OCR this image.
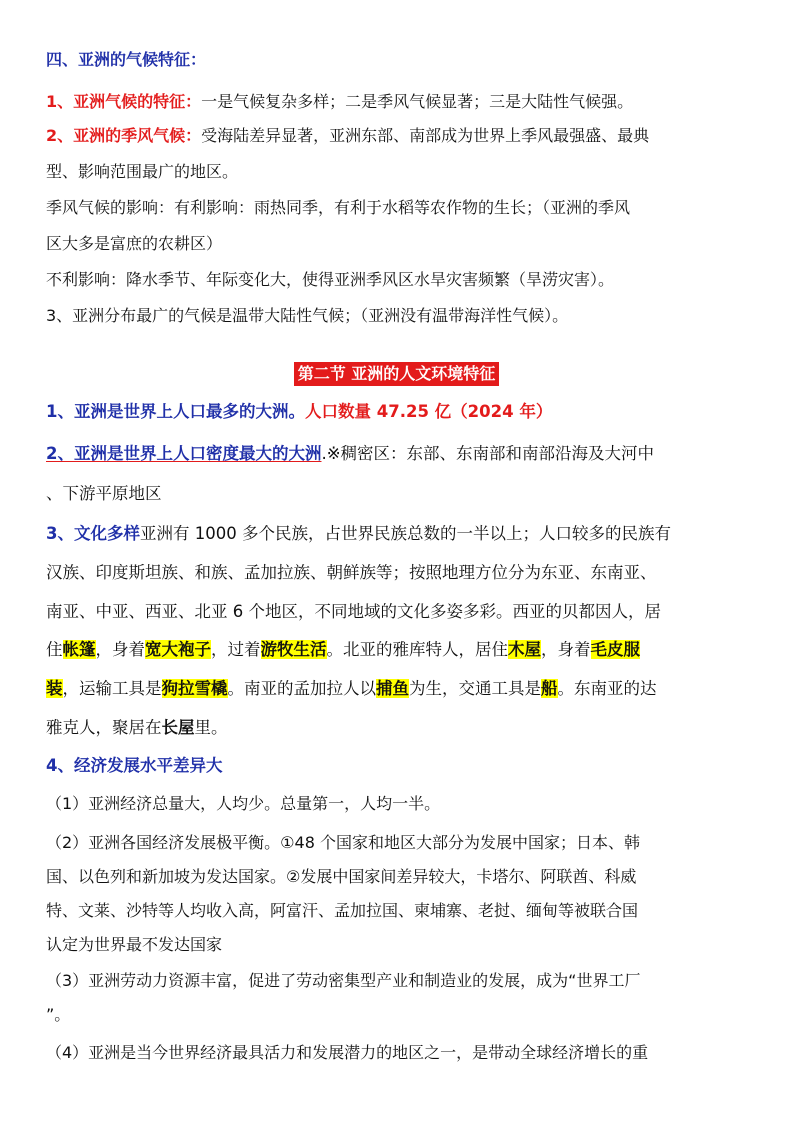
四、亚洲的气候特征：
1、亚洲气候的特征：一是气候复杂多样；二是季风气候显著；三是大陆性气候强。
2、亚洲的季风气候：受海陆差异显著，亚洲东部、南部成为世界上季风最强盛、最典
型、影响范围最广的地区。
季风气候的影响：有利影响：雨热同季，有利于水稻等农作物的生长；（亚洲的季风
区大多是富庶的农耕区）
不利影响：降水季节、年际变化大，使得亚洲季风区水旱灾害频繁（旱涝灾害）。
3、亚洲分布最广的气候是温带大陆性气候；（亚洲没有温带海洋性气候）。
第二节 亚洲的人文环境特征
1、亚洲是世界上人口最多的大洲。人口数量 47.25 亿（2024 年）
2、亚洲是世界上人口密度最大的大洲.※稠密区：东部、东南部和南部沿海及大河中
、下游平原地区
3、文化多样亚洲有 1000 多个民族，占世界民族总数的一半以上；人口较多的民族有
汉族、印度斯坦族、和族、孟加拉族、朝鲜族等；按照地理方位分为东亚、东南亚、
南亚、中亚、西亚、北亚 6 个地区，不同地域的文化多姿多彩。西亚的贝都因人，居
住帐篷，身着宽大袍子，过着游牧生活。北亚的雅库特人，居住木屋，身着毛皮服
装，运输工具是狗拉雪橇。南亚的孟加拉人以捕鱼为生，交通工具是船。东南亚的达
雅克人，聚居在长屋里。
4、经济发展水平差异大
（1）亚洲经济总量大，人均少。总量第一，人均一半。
（2）亚洲各国经济发展极平衡。①48 个国家和地区大部分为发展中国家；日本、韩
国、以色列和新加坡为发达国家。②发展中国家间差异较大，卡塔尔、阿联酋、科威
特、文莱、沙特等人均收入高，阿富汗、孟加拉国、柬埔寨、老挝、缅甸等被联合国
认定为世界最不发达国家
（3）亚洲劳动力资源丰富，促进了劳动密集型产业和制造业的发展，成为“世界工厂
”。
（4）亚洲是当今世界经济最具活力和发展潜力的地区之一，是带动全球经济增长的重
